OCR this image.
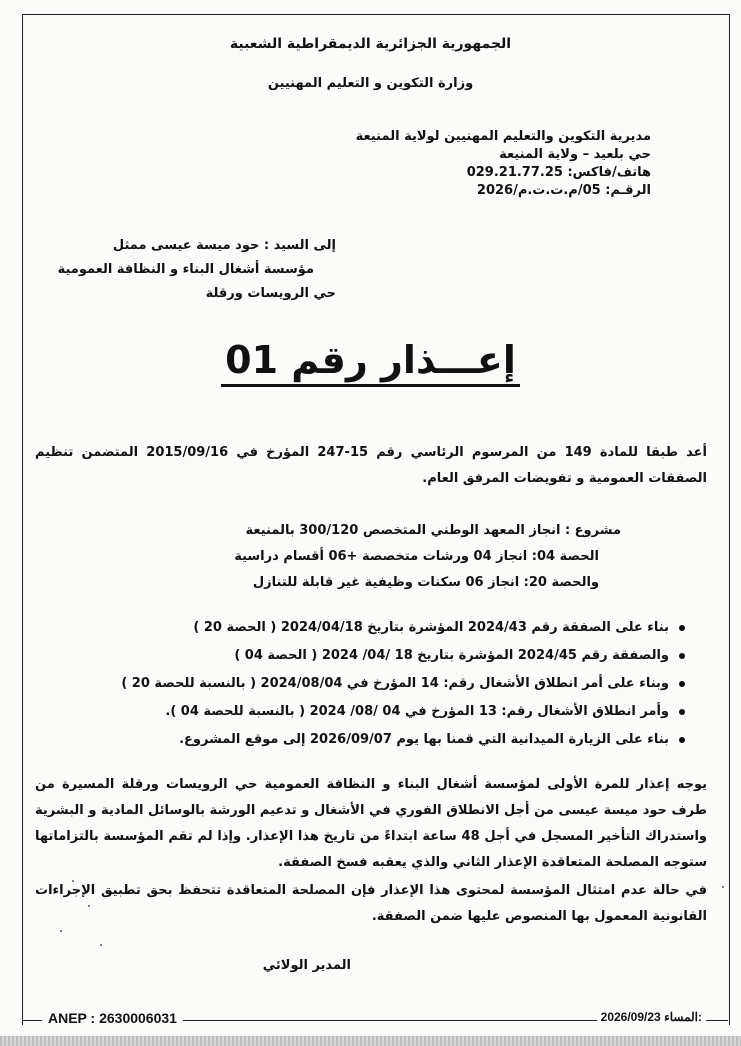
الجمهورية الجزائرية الديمقراطية الشعبية
وزارة التكوين و التعليم المهنيين
مديرية التكوين والتعليم المهنيين لولاية المنيعة
حي بلعيد – ولاية المنيعة
هاتف/فاكس: 029.21.77.25
الرقـم: 05/م.ت.ت.م/2026
إلى السيد : حود ميسة عيسى ممثل
مؤسسة أشغال البناء و النظافة العمومية
حي الرويسات ورقلة
إعـــذار رقم 01
أعد طبقا للمادة 149 من المرسوم الرئاسي رقم 15-247 المؤرخ في 2015/09/16 المتضمن تنظيم الصفقات العمومية و تفويضات المرفق العام.
مشروع : انجاز المعهد الوطني المتخصص 300/120 بالمنيعة
الحصة 04: انجاز 04 ورشات متخصصة +06 أقسام دراسية
والحصة 20: انجاز 06 سكنات وظيفية غير قابلة للتنازل
بناء على الصفقة رقم 2024/43 المؤشرة بتاريخ 2024/04/18 ( الحصة 20 )
والصفقة رقم 2024/45 المؤشرة بتاريخ 18 /04/ 2024 ( الحصة 04 )
وبناء على أمر انطلاق الأشغال رقم: 14 المؤرخ في 2024/08/04 ( بالنسبة للحصة 20 )
وأمر انطلاق الأشغال رقم: 13 المؤرخ في 04 /08/ 2024 ( بالنسبة للحصة 04 ).
بناء على الزيارة الميدانية التي قمنا بها يوم 2026/09/07 إلى موقع المشروع.
يوجه إعذار للمرة الأولى لمؤسسة أشغال البناء و النظافة العمومية حي الرويسات ورقلة المسيرة من طرف حود ميسة عيسى من أجل الانطلاق الفوري في الأشغال و تدعيم الورشة بالوسائل المادية و البشرية واستدراك التأخير المسجل في أجل 48 ساعة ابتداءً من تاريخ هذا الإعذار. وإذا لم تقم المؤسسة بالتزاماتها ستوجه المصلحة المتعاقدة الإعذار الثاني والذي يعقبه فسخ الصفقة.
في حالة عدم امتثال المؤسسة لمحتوى هذا الإعذار فإن المصلحة المتعاقدة تتحفظ بحق تطبيق الإجراءات القانونية المعمول بها المنصوص عليها ضمن الصفقة.
المدير الولائي
ANEP : 2630006031	2026/09/23 المساء:
